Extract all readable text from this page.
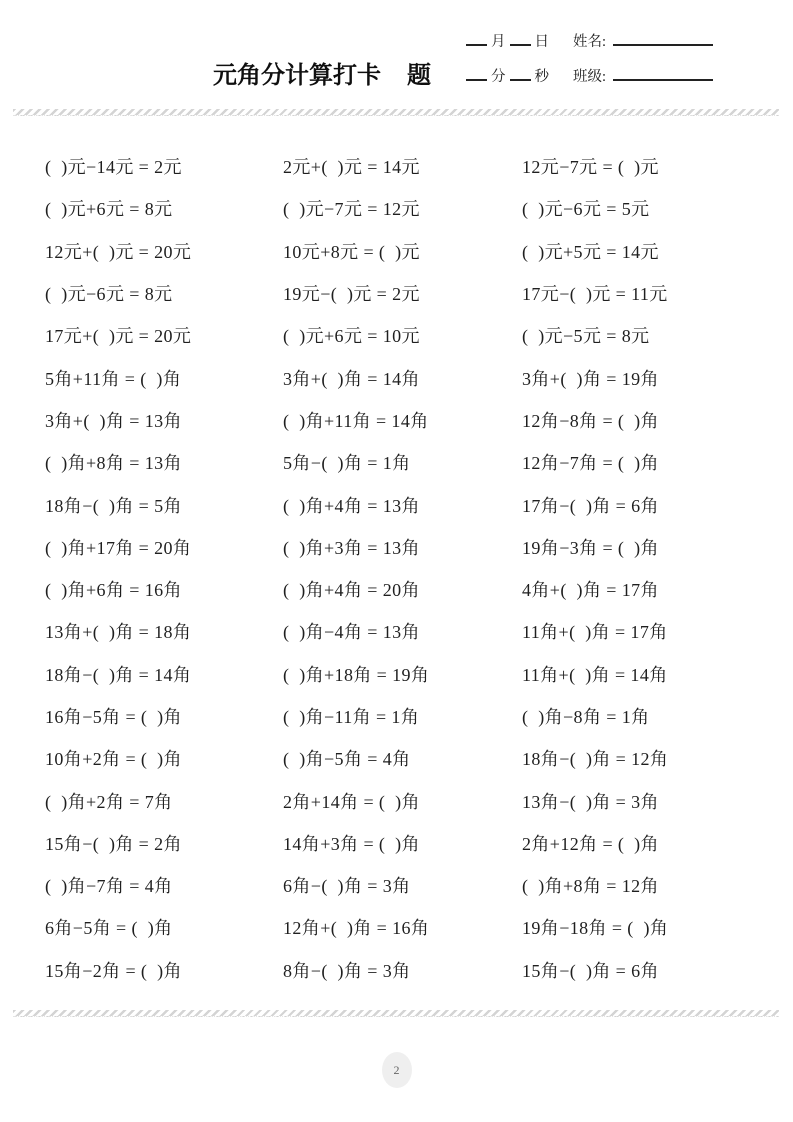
元角分计算打卡 题
月 日 姓名:
分 秒 班级:
(  )元−14元 = 2元
(  )元+6元 = 8元
12元+(  )元 = 20元
(  )元−6元 = 8元
17元+(  )元 = 20元
5角+11角 = (  )角
3角+(  )角 = 13角
(  )角+8角 = 13角
18角−(  )角 = 5角
(  )角+17角 = 20角
(  )角+6角 = 16角
13角+(  )角 = 18角
18角−(  )角 = 14角
16角−5角 = (  )角
10角+2角 = (  )角
(  )角+2角 = 7角
15角−(  )角 = 2角
(  )角−7角 = 4角
6角−5角 = (  )角
15角−2角 = (  )角
2元+(  )元 = 14元
(  )元−7元 = 12元
10元+8元 = (  )元
19元−(  )元 = 2元
(  )元+6元 = 10元
3角+(  )角 = 14角
(  )角+11角 = 14角
5角−(  )角 = 1角
(  )角+4角 = 13角
(  )角+3角 = 13角
(  )角+4角 = 20角
(  )角−4角 = 13角
(  )角+18角 = 19角
(  )角−11角 = 1角
(  )角−5角 = 4角
2角+14角 = (  )角
14角+3角 = (  )角
6角−(  )角 = 3角
12角+(  )角 = 16角
8角−(  )角 = 3角
12元−7元 = (  )元
(  )元−6元 = 5元
(  )元+5元 = 14元
17元−(  )元 = 11元
(  )元−5元 = 8元
3角+(  )角 = 19角
12角−8角 = (  )角
12角−7角 = (  )角
17角−(  )角 = 6角
19角−3角 = (  )角
4角+(  )角 = 17角
11角+(  )角 = 17角
11角+(  )角 = 14角
(  )角−8角 = 1角
18角−(  )角 = 12角
13角−(  )角 = 3角
2角+12角 = (  )角
(  )角+8角 = 12角
19角−18角 = (  )角
15角−(  )角 = 6角
2
